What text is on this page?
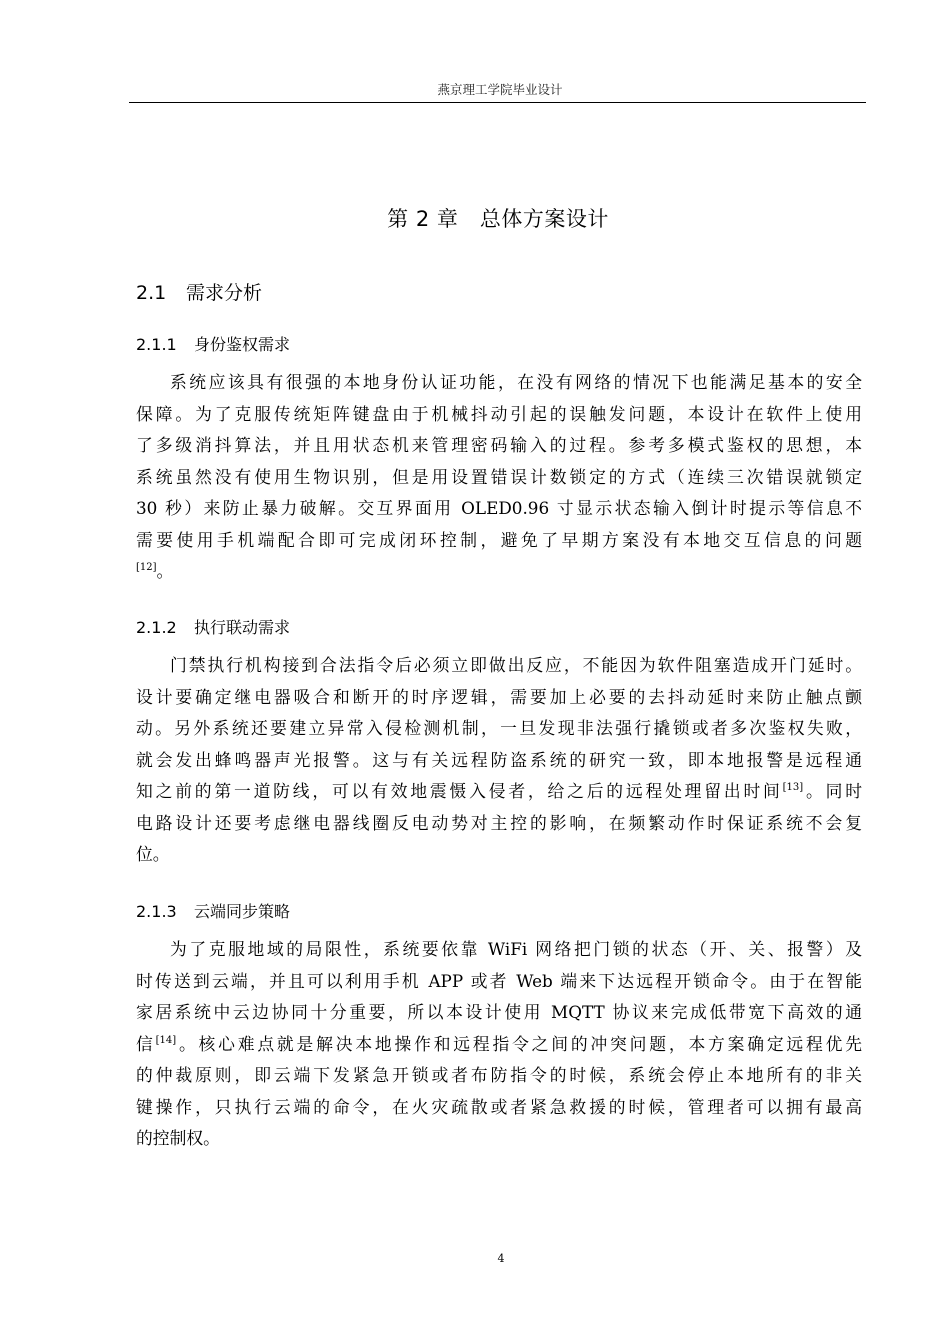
燕京理工学院毕业设计
第 2 章　总体方案设计
2.1 需求分析
2.1.1 身份鉴权需求
系统应该具有很强的本地身份认证功能，在没有网络的情况下也能满足基本的安全
保障。为了克服传统矩阵键盘由于机械抖动引起的误触发问题，本设计在软件上使用
了多级消抖算法，并且用状态机来管理密码输入的过程。参考多模式鉴权的思想，本
系统虽然没有使用生物识别，但是用设置错误计数锁定的方式（连续三次错误就锁定
30 秒）来防止暴力破解。交互界面用 OLED0.96 寸显示状态输入倒计时提示等信息不
需要使用手机端配合即可完成闭环控制，避免了早期方案没有本地交互信息的问题
[12]。
2.1.2 执行联动需求
门禁执行机构接到合法指令后必须立即做出反应，不能因为软件阻塞造成开门延时。
设计要确定继电器吸合和断开的时序逻辑，需要加上必要的去抖动延时来防止触点颤
动。另外系统还要建立异常入侵检测机制，一旦发现非法强行撬锁或者多次鉴权失败，
就会发出蜂鸣器声光报警。这与有关远程防盗系统的研究一致，即本地报警是远程通
知之前的第一道防线，可以有效地震慑入侵者，给之后的远程处理留出时间[13]。同时
电路设计还要考虑继电器线圈反电动势对主控的影响，在频繁动作时保证系统不会复
位。
2.1.3 云端同步策略
为了克服地域的局限性，系统要依靠 WiFi 网络把门锁的状态（开、关、报警）及
时传送到云端，并且可以利用手机 APP 或者 Web 端来下达远程开锁命令。由于在智能
家居系统中云边协同十分重要，所以本设计使用 MQTT 协议来完成低带宽下高效的通
信[14]。核心难点就是解决本地操作和远程指令之间的冲突问题，本方案确定远程优先
的仲裁原则，即云端下发紧急开锁或者布防指令的时候，系统会停止本地所有的非关
键操作，只执行云端的命令，在火灾疏散或者紧急救援的时候，管理者可以拥有最高
的控制权。
4
